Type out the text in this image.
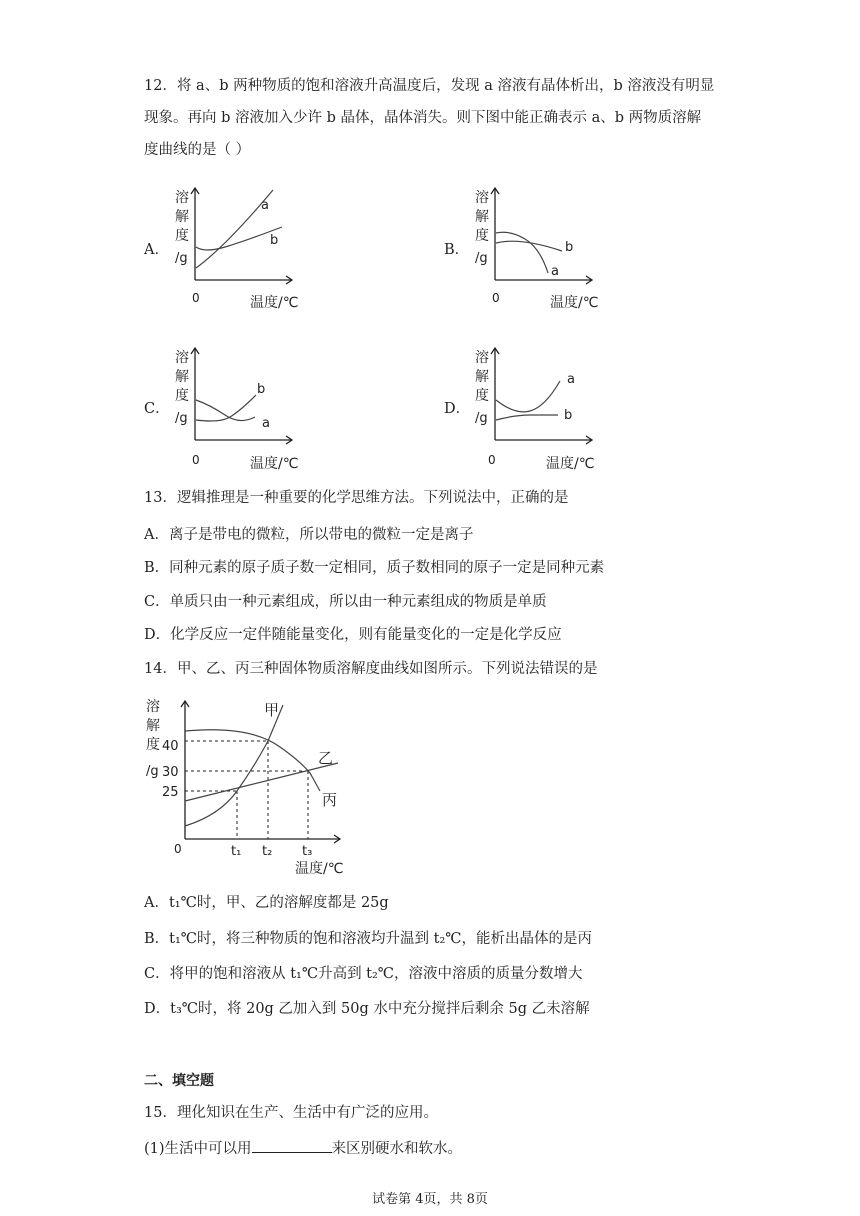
12．将 a、b 两种物质的饱和溶液升高温度后，发现 a 溶液有晶体析出，b 溶液没有明显
现象。再向 b 溶液加入少许 b 晶体，晶体消失。则下图中能正确表示 a、b 两物质溶解
度曲线的是（ ）
A．
溶
解
度
/g
a
b
0	温度/℃
B．
溶
解
度
/g
a
b
0	温度/℃
C．
溶
解
度
/g
b
a
0	温度/℃
D．
溶
解
度
/g
a
b
0	温度/℃
13．逻辑推理是一种重要的化学思维方法。下列说法中，正确的是
A．离子是带电的微粒，所以带电的微粒一定是离子
B．同种元素的原子质子数一定相同，质子数相同的原子一定是同种元素
C．单质只由一种元素组成，所以由一种元素组成的物质是单质
D．化学反应一定伴随能量变化，则有能量变化的一定是化学反应
14．甲、乙、丙三种固体物质溶解度曲线如图所示。下列说法错误的是
溶
解
度
/g
40
30
25
甲
乙
丙
0	t₁ t₂ t₃
温度/℃
A．t₁℃时，甲、乙的溶解度都是 25g
B．t₁℃时，将三种物质的饱和溶液均升温到 t₂℃，能析出晶体的是丙
C．将甲的饱和溶液从 t₁℃升高到 t₂℃，溶液中溶质的质量分数增大
D．t₃℃时，将 20g 乙加入到 50g 水中充分搅拌后剩余 5g 乙未溶解
二、填空题
15．理化知识在生产、生活中有广泛的应用。
(1)生活中可以用	来区别硬水和软水。
试卷第 4页，共 8页
